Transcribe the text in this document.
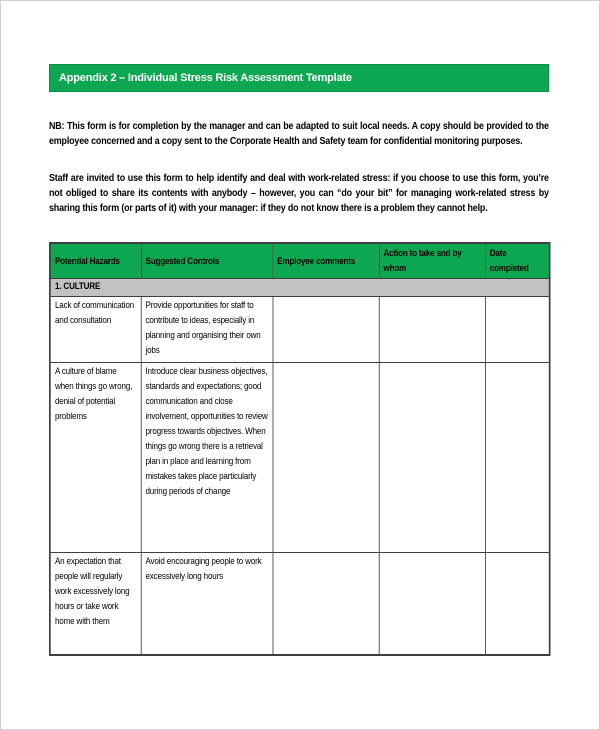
Appendix 2 – Individual Stress Risk Assessment Template

NB: This form is for completion by the manager and can be adapted to suit local needs. A copy should be provided to the employee concerned and a copy sent to the Corporate Health and Safety team for confidential monitoring purposes.

Staff are invited to use this form to help identify and deal with work-related stress: if you choose to use this form, you’re not obliged to share its contents with anybody – however, you can “do your bit” for managing work-related stress by sharing this form (or parts of it) with your manager: if they do not know there is a problem they cannot help.

Potential Hazards	Suggested Controls	Employee comments	Action to take and by whom	Date completed
1. CULTURE				
Lack of communication and consultation	Provide opportunities for staff to contribute to ideas, especially in planning and organising their own jobs			
A culture of blame when things go wrong, denial of potential problems	Introduce clear business objectives, standards and expectations; good communication and close involvement, opportunities to review progress towards objectives. When things go wrong there is a retrieval plan in place and learning from mistakes takes place particularly during periods of change			
An expectation that people will regularly work excessively long hours or take work home with them	Avoid encouraging people to work excessively long hours			
